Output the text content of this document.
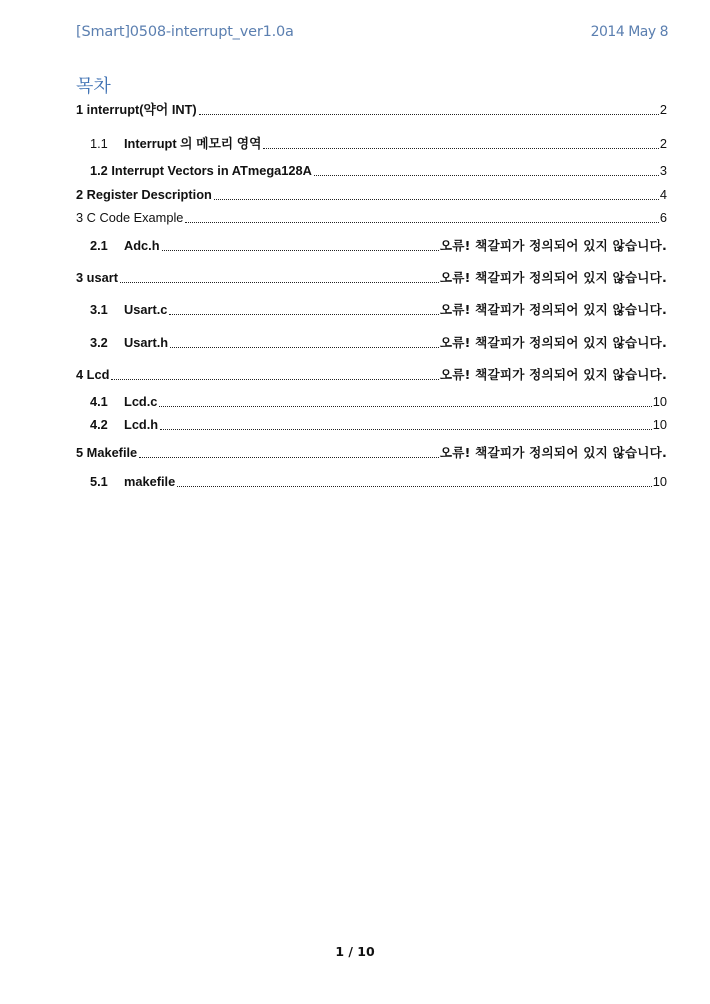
[Smart]0508-interrupt_ver1.0a	2014 May 8
목차
1 interrupt(약어 INT)	2
1.1	Interrupt 의 메모리 영역	2
1.2 Interrupt Vectors in ATmega128A	3
2 Register Description	4
3 C Code Example	6
2.1	Adc.h	오류! 책갈피가 정의되어 있지 않습니다.
3 usart	오류! 책갈피가 정의되어 있지 않습니다.
3.1	Usart.c	오류! 책갈피가 정의되어 있지 않습니다.
3.2	Usart.h	오류! 책갈피가 정의되어 있지 않습니다.
4 Lcd	오류! 책갈피가 정의되어 있지 않습니다.
4.1	Lcd.c	10
4.2	Lcd.h	10
5 Makefile	오류! 책갈피가 정의되어 있지 않습니다.
5.1	makefile	10
1 / 10
